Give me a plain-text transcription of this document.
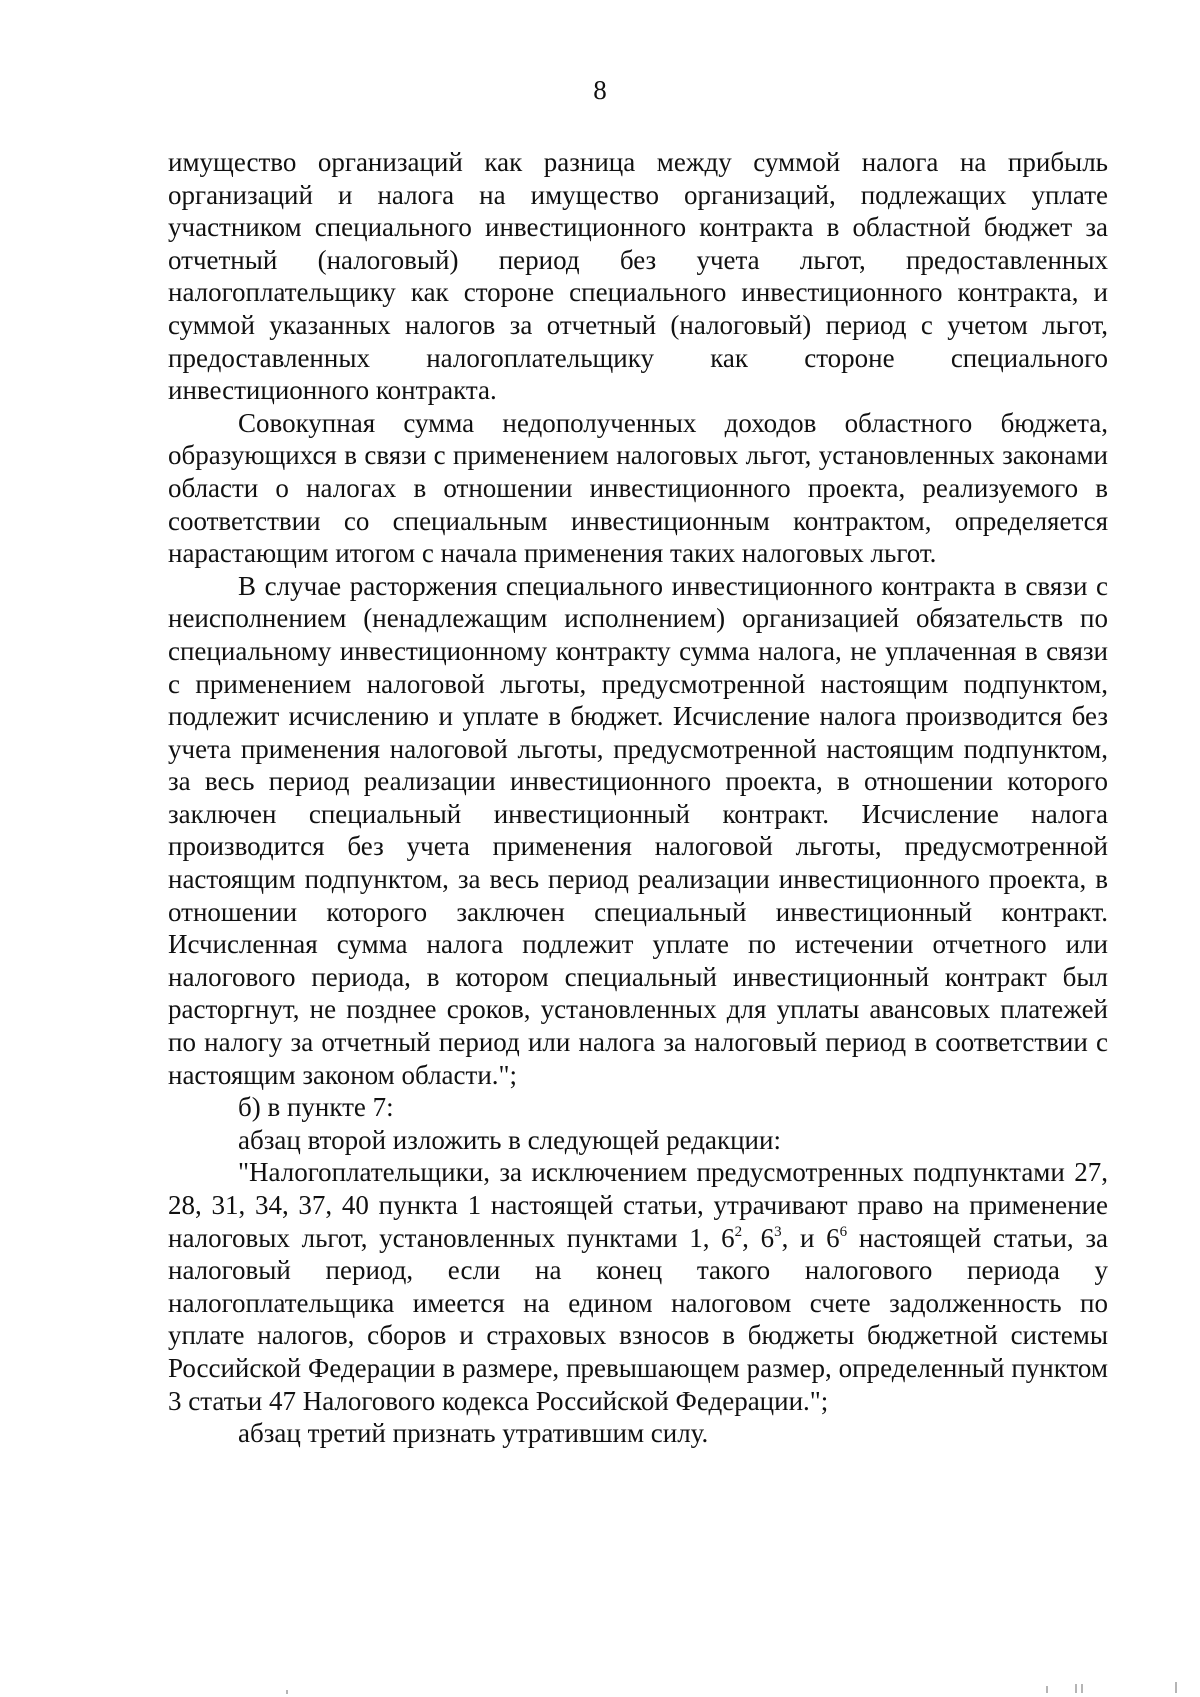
8

имущество организаций как разница между суммой налога на прибыль организаций и налога на имущество организаций, подлежащих уплате участником специального инвестиционного контракта в областной бюджет за отчетный (налоговый) период без учета льгот, предоставленных налогоплательщику как стороне специального инвестиционного контракта, и суммой указанных налогов за отчетный (налоговый) период с учетом льгот, предоставленных налогоплательщику как стороне специального инвестиционного контракта.

Совокупная сумма недополученных доходов областного бюджета, образующихся в связи с применением налоговых льгот, установленных законами области о налогах в отношении инвестиционного проекта, реализуемого в соответствии со специальным инвестиционным контрактом, определяется нарастающим итогом с начала применения таких налоговых льгот.

В случае расторжения специального инвестиционного контракта в связи с неисполнением (ненадлежащим исполнением) организацией обязательств по специальному инвестиционному контракту сумма налога, не уплаченная в связи с применением налоговой льготы, предусмотренной настоящим подпунктом, подлежит исчислению и уплате в бюджет. Исчисление налога производится без учета применения налоговой льготы, предусмотренной настоящим подпунктом, за весь период реализации инвестиционного проекта, в отношении которого заключен специальный инвестиционный контракт. Исчисление налога производится без учета применения налоговой льготы, предусмотренной настоящим подпунктом, за весь период реализации инвестиционного проекта, в отношении которого заключен специальный инвестиционный контракт. Исчисленная сумма налога подлежит уплате по истечении отчетного или налогового периода, в котором специальный инвестиционный контракт был расторгнут, не позднее сроков, установленных для уплаты авансовых платежей по налогу за отчетный период или налога за налоговый период в соответствии с настоящим законом области.";

б) в пункте 7:

абзац второй изложить в следующей редакции:

"Налогоплательщики, за исключением предусмотренных подпунктами 27, 28, 31, 34, 37, 40 пункта 1 настоящей статьи, утрачивают право на применение налоговых льгот, установленных пунктами 1, $6^2$, $6^3$, и $6^6$ настоящей статьи, за налоговый период, если на конец такого налогового периода у налогоплательщика имеется на едином налоговом счете задолженность по уплате налогов, сборов и страховых взносов в бюджеты бюджетной системы Российской Федерации в размере, превышающем размер, определенный пунктом 3 статьи 47 Налогового кодекса Российской Федерации.";

абзац третий признать утратившим силу.
